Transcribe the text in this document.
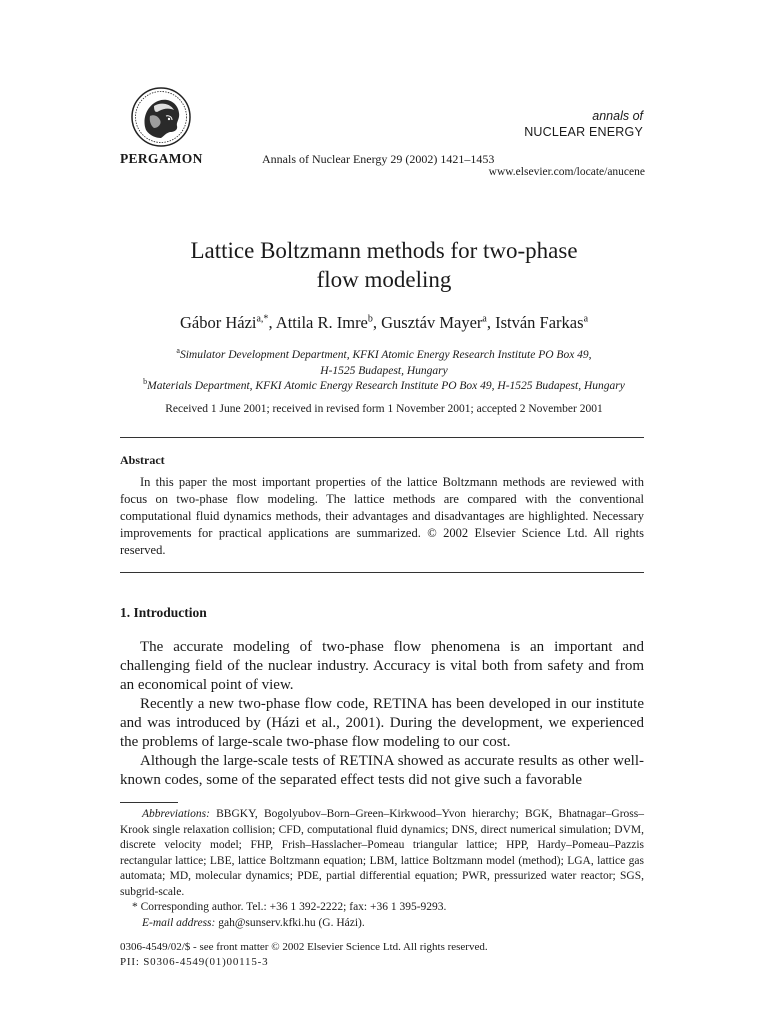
PERGAMON	Annals of Nuclear Energy 29 (2002) 1421–1453
annals of
NUCLEAR ENERGY
www.elsevier.com/locate/anucene
Lattice Boltzmann methods for two-phase
flow modeling
Gábor Házi$^{a,*}$, Attila R. Imre$^b$, Gusztáv Mayer$^a$, István Farkas$^a$
$^a$Simulator Development Department, KFKI Atomic Energy Research Institute PO Box 49,
H-1525 Budapest, Hungary
$^b$Materials Department, KFKI Atomic Energy Research Institute PO Box 49, H-1525 Budapest, Hungary
Received 1 June 2001; received in revised form 1 November 2001; accepted 2 November 2001
Abstract
In this paper the most important properties of the lattice Boltzmann methods are reviewed with focus on two-phase flow modeling. The lattice methods are compared with the conventional computational fluid dynamics methods, their advantages and disadvantages are highlighted. Necessary improvements for practical applications are summarized. © 2002 Elsevier Science Ltd. All rights reserved.
1. Introduction

The accurate modeling of two-phase flow phenomena is an important and challenging field of the nuclear industry. Accuracy is vital both from safety and from an economical point of view.

Recently a new two-phase flow code, RETINA has been developed in our institute and was introduced by (Házi et al., 2001). During the development, we experienced the problems of large-scale two-phase flow modeling to our cost.

Although the large-scale tests of RETINA showed as accurate results as other well-known codes, some of the separated effect tests did not give such a favorable

Abbreviations: BBGKY, Bogolyubov–Born–Green–Kirkwood–Yvon hierarchy; BGK, Bhatnagar–Gross–Krook single relaxation collision; CFD, computational fluid dynamics; DNS, direct numerical simulation; DVM, discrete velocity model; FHP, Frish–Hasslacher–Pomeau triangular lattice; HPP, Hardy–Pomeau–Pazzis rectangular lattice; LBE, lattice Boltzmann equation; LBM, lattice Boltzmann model (method); LGA, lattice gas automata; MD, molecular dynamics; PDE, partial differential equation; PWR, pressurized water reactor; SGS, subgrid-scale.

* Corresponding author. Tel.: +36 1 392-2222; fax: +36 1 395-9293.

E-mail address: gah@sunserv.kfki.hu (G. Házi).

0306-4549/02/$ - see front matter © 2002 Elsevier Science Ltd. All rights reserved.
PII: S0306-4549(01)00115-3
